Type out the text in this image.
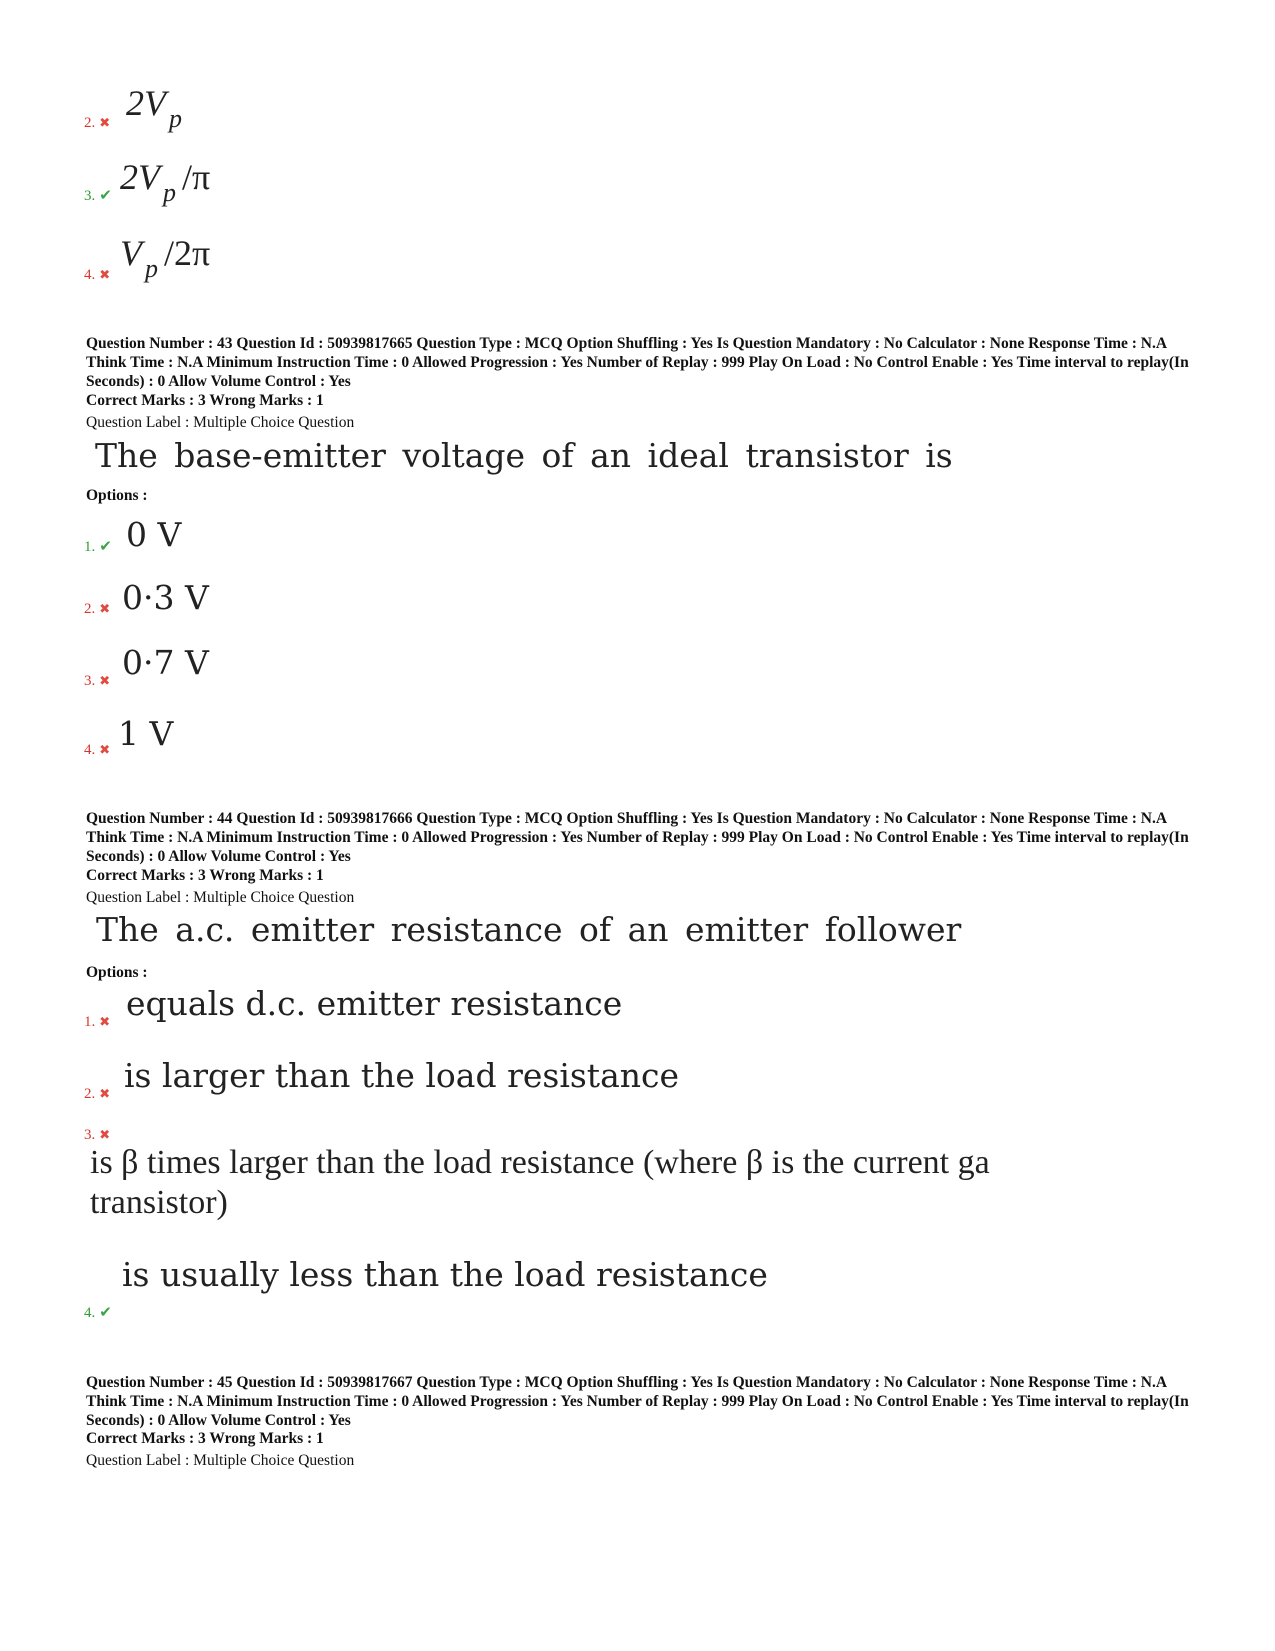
2. ✖ 2V $_p$
3. ✔ 2V $_p$ /π
4. ✖
V $_p$ /2π
Question Number : 43 Question Id : 50939817665 Question Type : MCQ Option Shuffling : Yes Is Question Mandatory : No Calculator : None Response Time : N.A Think Time : N.A Minimum Instruction Time : 0 Allowed Progression : Yes Number of Replay : 999 Play On Load : No Control Enable : Yes Time interval to replay(In Seconds) : 0 Allow Volume Control : Yes
Correct Marks : 3 Wrong Marks : 1
Question Label : Multiple Choice Question
The base-emitter voltage of an ideal transistor is
Options :
1. ✔ 0 V
2. ✖ 0·3 V
3. ✖ 0·7 V
4. ✖ 1 V
Question Number : 44 Question Id : 50939817666 Question Type : MCQ Option Shuffling : Yes Is Question Mandatory : No Calculator : None Response Time : N.A Think Time : N.A Minimum Instruction Time : 0 Allowed Progression : Yes Number of Replay : 999 Play On Load : No Control Enable : Yes Time interval to replay(In Seconds) : 0 Allow Volume Control : Yes
Correct Marks : 3 Wrong Marks : 1
Question Label : Multiple Choice Question
The a.c. emitter resistance of an emitter follower
Options :
1. ✖ equals d.c. emitter resistance
2. ✖ is larger than the load resistance
3. ✖
is β times larger than the load resistance (where β is the current ga
transistor)
is usually less than the load resistance
4. ✔
Question Number : 45 Question Id : 50939817667 Question Type : MCQ Option Shuffling : Yes Is Question Mandatory : No Calculator : None Response Time : N.A Think Time : N.A Minimum Instruction Time : 0 Allowed Progression : Yes Number of Replay : 999 Play On Load : No Control Enable : Yes Time interval to replay(In Seconds) : 0 Allow Volume Control : Yes
Correct Marks : 3 Wrong Marks : 1
Question Label : Multiple Choice Question
